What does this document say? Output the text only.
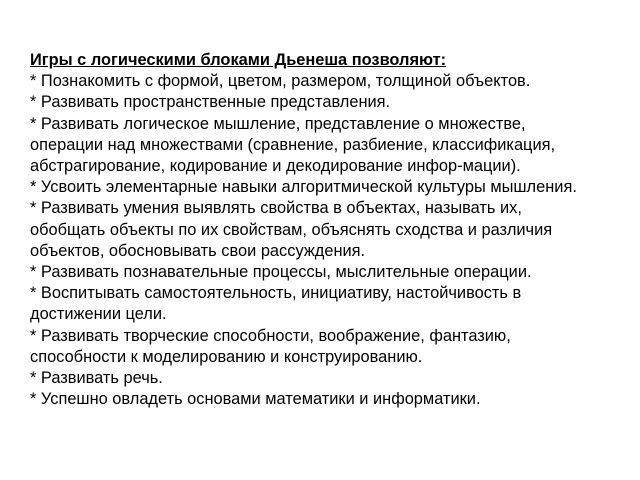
Игры с логическими блоками Дьенеша позволяют:

* Познакомить с формой, цветом, размером, толщиной объектов.

* Развивать пространственные представления.

* Развивать логическое мышление, представление о множестве,

операции над множествами (сравнение, разбиение, классификация,

абстрагирование, кодирование и декодирование инфор-мации).

* Усвоить элементарные навыки алгоритмической культуры мышления.

* Развивать умения выявлять свойства в объектах, называть их,

обобщать объекты по их свойствам, объяснять сходства и различия

объектов, обосновывать свои рассуждения.

* Развивать познавательные процессы, мыслительные операции.

* Воспитывать самостоятельность, инициативу, настойчивость в

достижении цели.

* Развивать творческие способности, воображение, фантазию,

способности к моделированию и конструированию.

* Развивать речь.

* Успешно овладеть основами математики и информатики.
